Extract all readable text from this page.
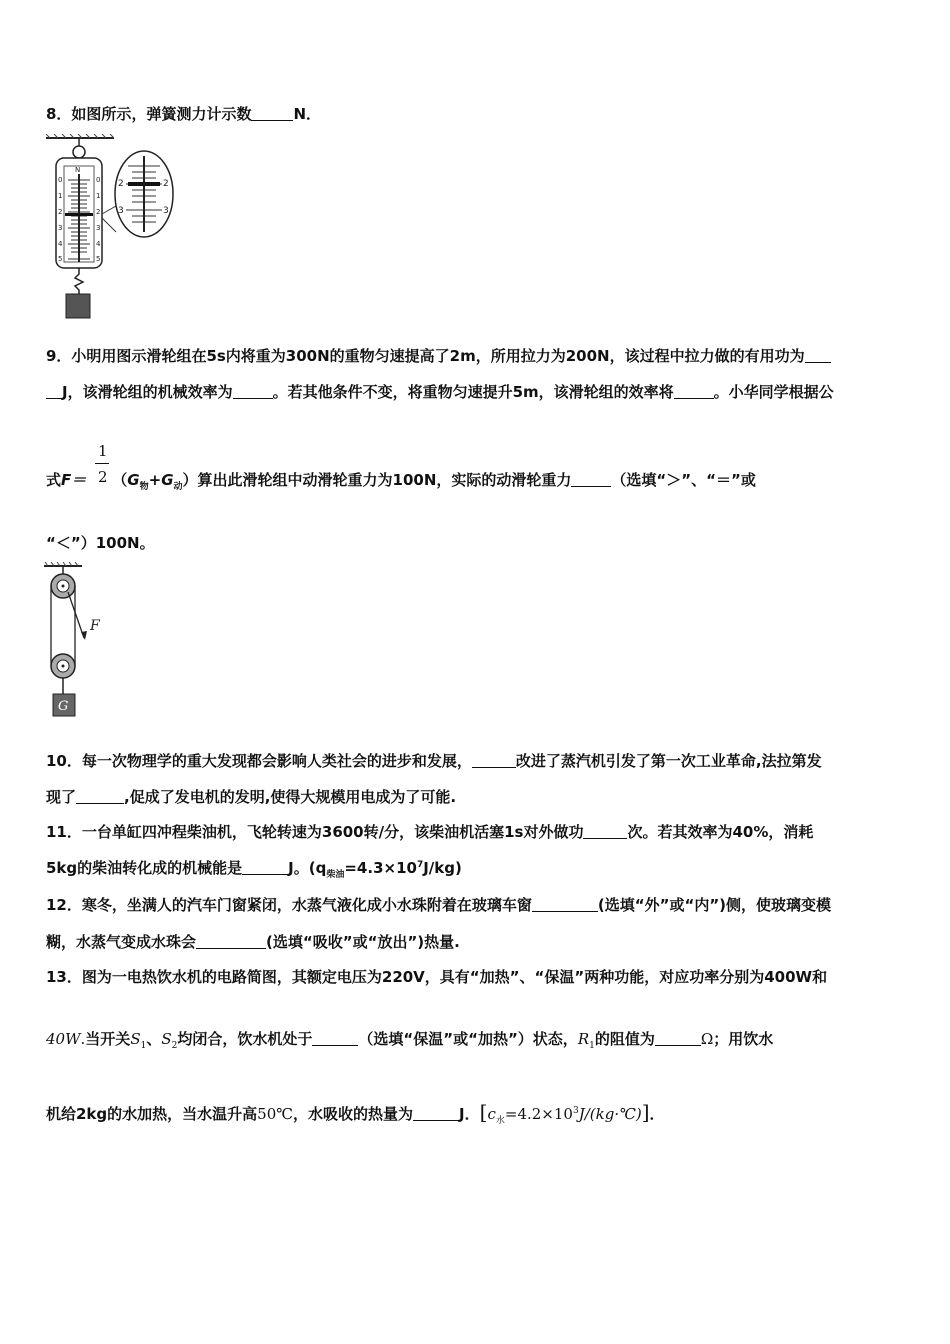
8．如图所示，弹簧测力计示数	N．
N
0
1
2
3
4
5
0
1
2
3
4
5
2	2
3	3
9．小明用图示滑轮组在5s内将重为300N的重物匀速提高了2m，所用拉力为200N，该过程中拉力做的有用功为
J，该滑轮组的机械效率为	。若其他条件不变，将重物匀速提升5m，该滑轮组的效率将	。小华同学根据公
1
2
式$F= (G_物+G_动)$算出此滑轮组中动滑轮重力为100N，实际的动滑轮重力	（选填“＞”、“＝”或
“＜”）100N。
F
G
10．每一次物理学的重大发现都会影响人类社会的进步和发展，	改进了蒸汽机引发了第一次工业革命,法拉第发
现了	,促成了发电机的发明,使得大规模用电成为了可能.
11．一台单缸四冲程柴油机，飞轮转速为3600转/分，该柴油机活塞1s对外做功	次。若其效率为40%，消耗
5kg的柴油转化成的机械能是	J。$(q_{柴油}=4.3\times 10^7J/kg)$
12．寒冬，坐满人的汽车门窗紧闭，水蒸气液化成小水珠附着在玻璃车窗	(选填“外”或“内”)侧，使玻璃变模
糊，水蒸气变成水珠会	(选填“吸收”或“放出”)热量.
13．图为一电热饮水机的电路简图，其额定电压为220V，具有“加热”、“保温”两种功能，对应功率分别为400W和
40W.当开关$S_1$、$S_2$均闭合，饮水机处于	（选填“保温”或“加热”）状态，$R_1$的阻值为	Ω；用饮水
机给2kg的水加热，当水温升高50℃，水吸收的热量为	J．$[c_水=4.2\times 10^3J/(kg\cdot℃)]$．
